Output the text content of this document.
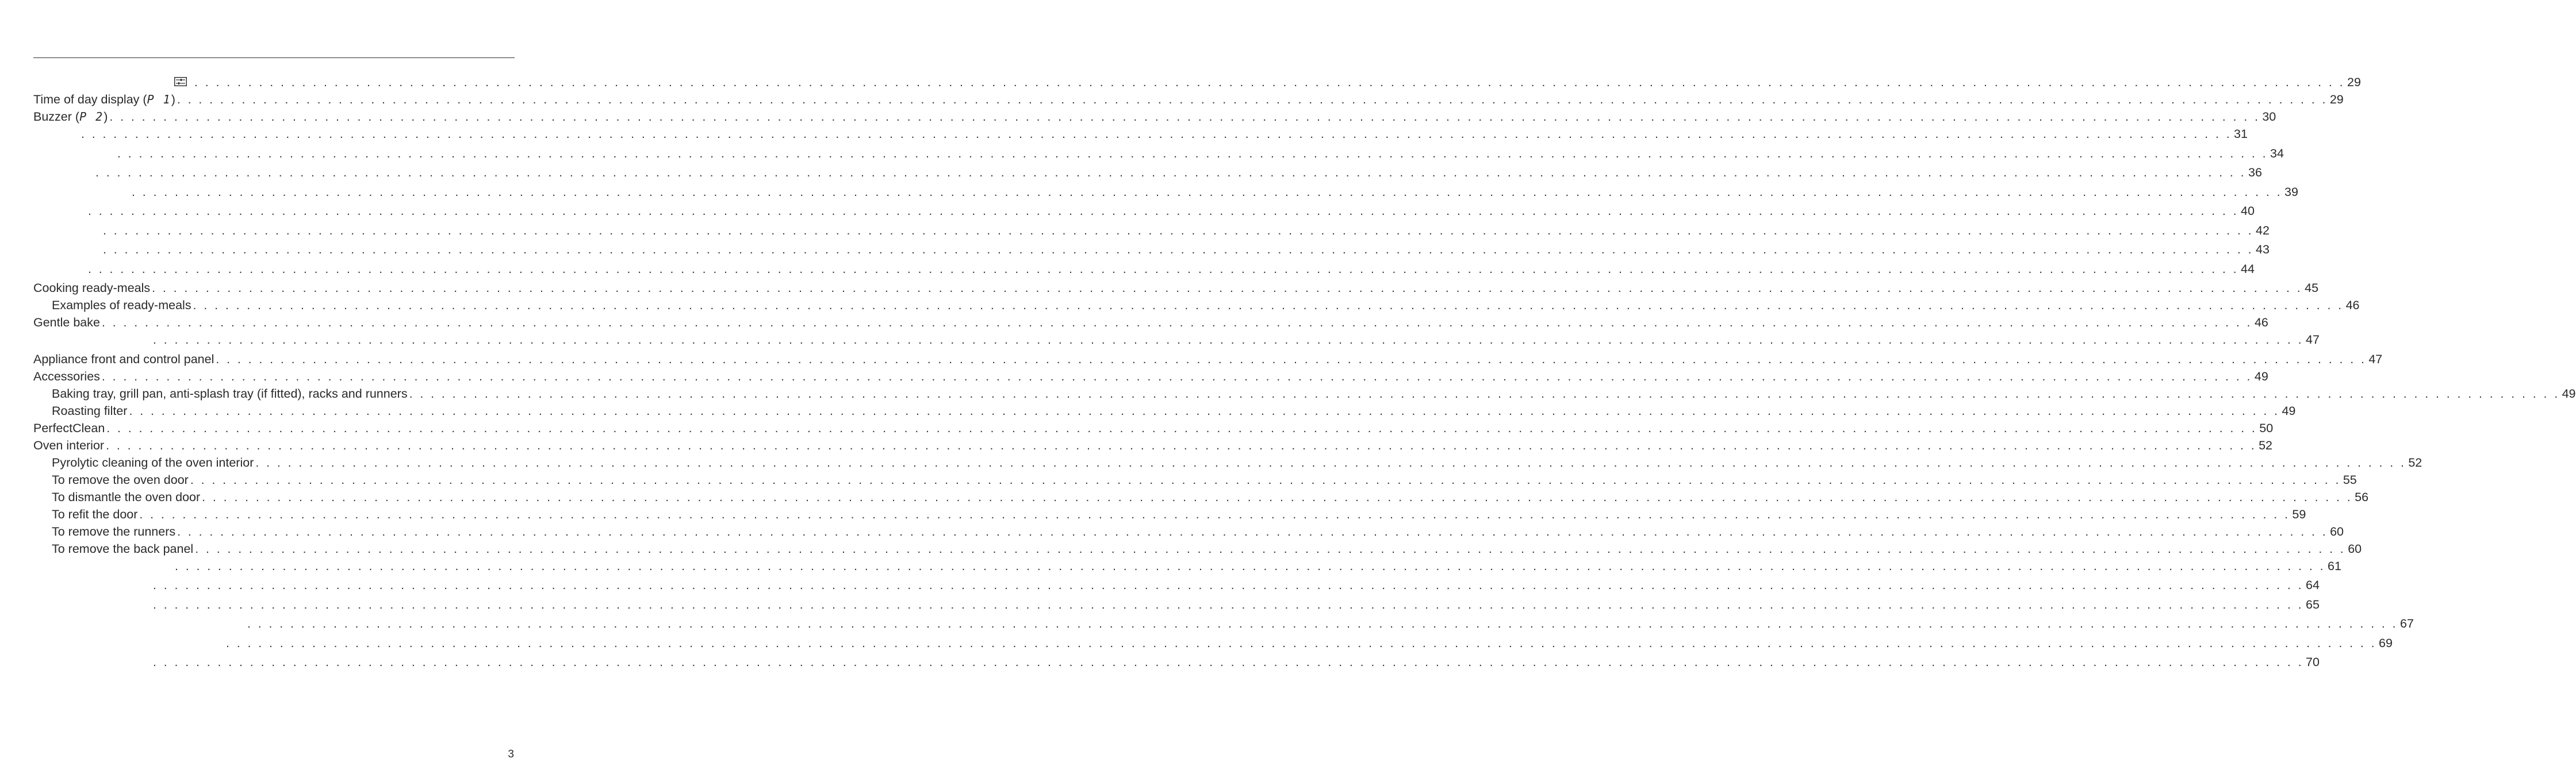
. . . . . . . . . . . . . . . . . . . . . . . . . . . . . . . . . . . . . . . . . . . . . . . . . . . . . . . . . . . . . . . . . . . . . . . . . . . . . . . . . . . . . . . . . . . . . . . . . . . . . . . . . . . . . . . . . . . . . . . . . . . . . . . . . . . . . . . . . . . . . . . . . . . . . . . . . . . . . . . . . . . . . . . . . . . . . . . . . . . . . . . . . . . . . . . . . . . . . . . . 29
Time of day display (P 1) . . . . . . . . . . . . . . . . . . . . . . . . . . . . . . . . . . . . . . . . . . . . . . . . . . . . . . . . . . . . . . . . . . . . . . . . . . . . . . . . . . . . . . . . . . . . . . . . . . . . . . . . . . . . . . . . . . . . . . . . . . . . . . . . . . . . . . . . . . . . . . . . . . . . . . . . . . . . . . . . . . . . . . . . . . . . . . . . . . . . . . . . . . . . . . . . . . . . . . . . 29
Buzzer (P 2) . . . . . . . . . . . . . . . . . . . . . . . . . . . . . . . . . . . . . . . . . . . . . . . . . . . . . . . . . . . . . . . . . . . . . . . . . . . . . . . . . . . . . . . . . . . . . . . . . . . . . . . . . . . . . . . . . . . . . . . . . . . . . . . . . . . . . . . . . . . . . . . . . . . . . . . . . . . . . . . . . . . . . . . . . . . . . . . . . . . . . . . . . . . . . . . . . . . . . . . . 30
. . . . . . . . . . . . . . . . . . . . . . . . . . . . . . . . . . . . . . . . . . . . . . . . . . . . . . . . . . . . . . . . . . . . . . . . . . . . . . . . . . . . . . . . . . . . . . . . . . . . . . . . . . . . . . . . . . . . . . . . . . . . . . . . . . . . . . . . . . . . . . . . . . . . . . . . . . . . . . . . . . . . . . . . . . . . . . . . . . . . . . . . . . . . . . . . . . . . . . . . 31
. . . . . . . . . . . . . . . . . . . . . . . . . . . . . . . . . . . . . . . . . . . . . . . . . . . . . . . . . . . . . . . . . . . . . . . . . . . . . . . . . . . . . . . . . . . . . . . . . . . . . . . . . . . . . . . . . . . . . . . . . . . . . . . . . . . . . . . . . . . . . . . . . . . . . . . . . . . . . . . . . . . . . . . . . . . . . . . . . . . . . . . . . . . . . . . . . . . . . . . . 34
. . . . . . . . . . . . . . . . . . . . . . . . . . . . . . . . . . . . . . . . . . . . . . . . . . . . . . . . . . . . . . . . . . . . . . . . . . . . . . . . . . . . . . . . . . . . . . . . . . . . . . . . . . . . . . . . . . . . . . . . . . . . . . . . . . . . . . . . . . . . . . . . . . . . . . . . . . . . . . . . . . . . . . . . . . . . . . . . . . . . . . . . . . . . . . . . . . . . . . . . 36
. . . . . . . . . . . . . . . . . . . . . . . . . . . . . . . . . . . . . . . . . . . . . . . . . . . . . . . . . . . . . . . . . . . . . . . . . . . . . . . . . . . . . . . . . . . . . . . . . . . . . . . . . . . . . . . . . . . . . . . . . . . . . . . . . . . . . . . . . . . . . . . . . . . . . . . . . . . . . . . . . . . . . . . . . . . . . . . . . . . . . . . . . . . . . . . . . . . . . . . . 39
. . . . . . . . . . . . . . . . . . . . . . . . . . . . . . . . . . . . . . . . . . . . . . . . . . . . . . . . . . . . . . . . . . . . . . . . . . . . . . . . . . . . . . . . . . . . . . . . . . . . . . . . . . . . . . . . . . . . . . . . . . . . . . . . . . . . . . . . . . . . . . . . . . . . . . . . . . . . . . . . . . . . . . . . . . . . . . . . . . . . . . . . . . . . . . . . . . . . . . . . 40
. . . . . . . . . . . . . . . . . . . . . . . . . . . . . . . . . . . . . . . . . . . . . . . . . . . . . . . . . . . . . . . . . . . . . . . . . . . . . . . . . . . . . . . . . . . . . . . . . . . . . . . . . . . . . . . . . . . . . . . . . . . . . . . . . . . . . . . . . . . . . . . . . . . . . . . . . . . . . . . . . . . . . . . . . . . . . . . . . . . . . . . . . . . . . . . . . . . . . . . . 42
. . . . . . . . . . . . . . . . . . . . . . . . . . . . . . . . . . . . . . . . . . . . . . . . . . . . . . . . . . . . . . . . . . . . . . . . . . . . . . . . . . . . . . . . . . . . . . . . . . . . . . . . . . . . . . . . . . . . . . . . . . . . . . . . . . . . . . . . . . . . . . . . . . . . . . . . . . . . . . . . . . . . . . . . . . . . . . . . . . . . . . . . . . . . . . . . . . . . . . . . 43
. . . . . . . . . . . . . . . . . . . . . . . . . . . . . . . . . . . . . . . . . . . . . . . . . . . . . . . . . . . . . . . . . . . . . . . . . . . . . . . . . . . . . . . . . . . . . . . . . . . . . . . . . . . . . . . . . . . . . . . . . . . . . . . . . . . . . . . . . . . . . . . . . . . . . . . . . . . . . . . . . . . . . . . . . . . . . . . . . . . . . . . . . . . . . . . . . . . . . . . . 44
Cooking ready-meals . . . . . . . . . . . . . . . . . . . . . . . . . . . . . . . . . . . . . . . . . . . . . . . . . . . . . . . . . . . . . . . . . . . . . . . . . . . . . . . . . . . . . . . . . . . . . . . . . . . . . . . . . . . . . . . . . . . . . . . . . . . . . . . . . . . . . . . . . . . . . . . . . . . . . . . . . . . . . . . . . . . . . . . . . . . . . . . . . . . . . . . . . . . . . . . . . . . . . . . . 45
Examples of ready-meals . . . . . . . . . . . . . . . . . . . . . . . . . . . . . . . . . . . . . . . . . . . . . . . . . . . . . . . . . . . . . . . . . . . . . . . . . . . . . . . . . . . . . . . . . . . . . . . . . . . . . . . . . . . . . . . . . . . . . . . . . . . . . . . . . . . . . . . . . . . . . . . . . . . . . . . . . . . . . . . . . . . . . . . . . . . . . . . . . . . . . . . . . . . . . . . . . . . . . . . . 46
Gentle bake . . . . . . . . . . . . . . . . . . . . . . . . . . . . . . . . . . . . . . . . . . . . . . . . . . . . . . . . . . . . . . . . . . . . . . . . . . . . . . . . . . . . . . . . . . . . . . . . . . . . . . . . . . . . . . . . . . . . . . . . . . . . . . . . . . . . . . . . . . . . . . . . . . . . . . . . . . . . . . . . . . . . . . . . . . . . . . . . . . . . . . . . . . . . . . . . . . . . . . . . 46
. . . . . . . . . . . . . . . . . . . . . . . . . . . . . . . . . . . . . . . . . . . . . . . . . . . . . . . . . . . . . . . . . . . . . . . . . . . . . . . . . . . . . . . . . . . . . . . . . . . . . . . . . . . . . . . . . . . . . . . . . . . . . . . . . . . . . . . . . . . . . . . . . . . . . . . . . . . . . . . . . . . . . . . . . . . . . . . . . . . . . . . . . . . . . . . . . . . . . . . . 47
Appliance front and control panel . . . . . . . . . . . . . . . . . . . . . . . . . . . . . . . . . . . . . . . . . . . . . . . . . . . . . . . . . . . . . . . . . . . . . . . . . . . . . . . . . . . . . . . . . . . . . . . . . . . . . . . . . . . . . . . . . . . . . . . . . . . . . . . . . . . . . . . . . . . . . . . . . . . . . . . . . . . . . . . . . . . . . . . . . . . . . . . . . . . . . . . . . . . . . . . . . . . . . . . . 47
Accessories . . . . . . . . . . . . . . . . . . . . . . . . . . . . . . . . . . . . . . . . . . . . . . . . . . . . . . . . . . . . . . . . . . . . . . . . . . . . . . . . . . . . . . . . . . . . . . . . . . . . . . . . . . . . . . . . . . . . . . . . . . . . . . . . . . . . . . . . . . . . . . . . . . . . . . . . . . . . . . . . . . . . . . . . . . . . . . . . . . . . . . . . . . . . . . . . . . . . . . . . 49
Baking tray, grill pan, anti-splash tray (if fitted), racks and runners . . . . . . . . . . . . . . . . . . . . . . . . . . . . . . . . . . . . . . . . . . . . . . . . . . . . . . . . . . . . . . . . . . . . . . . . . . . . . . . . . . . . . . . . . . . . . . . . . . . . . . . . . . . . . . . . . . . . . . . . . . . . . . . . . . . . . . . . . . . . . . . . . . . . . . . . . . . . . . . . . . . . . . . . . . . . . . . . . . . . . . . . . . . . . . . . . . . . . . . . 49
Roasting filter . . . . . . . . . . . . . . . . . . . . . . . . . . . . . . . . . . . . . . . . . . . . . . . . . . . . . . . . . . . . . . . . . . . . . . . . . . . . . . . . . . . . . . . . . . . . . . . . . . . . . . . . . . . . . . . . . . . . . . . . . . . . . . . . . . . . . . . . . . . . . . . . . . . . . . . . . . . . . . . . . . . . . . . . . . . . . . . . . . . . . . . . . . . . . . . . . . . . . . . . 49
PerfectClean . . . . . . . . . . . . . . . . . . . . . . . . . . . . . . . . . . . . . . . . . . . . . . . . . . . . . . . . . . . . . . . . . . . . . . . . . . . . . . . . . . . . . . . . . . . . . . . . . . . . . . . . . . . . . . . . . . . . . . . . . . . . . . . . . . . . . . . . . . . . . . . . . . . . . . . . . . . . . . . . . . . . . . . . . . . . . . . . . . . . . . . . . . . . . . . . . . . . . . . . 50
Oven interior . . . . . . . . . . . . . . . . . . . . . . . . . . . . . . . . . . . . . . . . . . . . . . . . . . . . . . . . . . . . . . . . . . . . . . . . . . . . . . . . . . . . . . . . . . . . . . . . . . . . . . . . . . . . . . . . . . . . . . . . . . . . . . . . . . . . . . . . . . . . . . . . . . . . . . . . . . . . . . . . . . . . . . . . . . . . . . . . . . . . . . . . . . . . . . . . . . . . . . . . 52
Pyrolytic cleaning of the oven interior . . . . . . . . . . . . . . . . . . . . . . . . . . . . . . . . . . . . . . . . . . . . . . . . . . . . . . . . . . . . . . . . . . . . . . . . . . . . . . . . . . . . . . . . . . . . . . . . . . . . . . . . . . . . . . . . . . . . . . . . . . . . . . . . . . . . . . . . . . . . . . . . . . . . . . . . . . . . . . . . . . . . . . . . . . . . . . . . . . . . . . . . . . . . . . . . . . . . . . . . 52
To remove the oven door . . . . . . . . . . . . . . . . . . . . . . . . . . . . . . . . . . . . . . . . . . . . . . . . . . . . . . . . . . . . . . . . . . . . . . . . . . . . . . . . . . . . . . . . . . . . . . . . . . . . . . . . . . . . . . . . . . . . . . . . . . . . . . . . . . . . . . . . . . . . . . . . . . . . . . . . . . . . . . . . . . . . . . . . . . . . . . . . . . . . . . . . . . . . . . . . . . . . . . . . 55
To dismantle the oven door . . . . . . . . . . . . . . . . . . . . . . . . . . . . . . . . . . . . . . . . . . . . . . . . . . . . . . . . . . . . . . . . . . . . . . . . . . . . . . . . . . . . . . . . . . . . . . . . . . . . . . . . . . . . . . . . . . . . . . . . . . . . . . . . . . . . . . . . . . . . . . . . . . . . . . . . . . . . . . . . . . . . . . . . . . . . . . . . . . . . . . . . . . . . . . . . . . . . . . . . 56
To refit the door . . . . . . . . . . . . . . . . . . . . . . . . . . . . . . . . . . . . . . . . . . . . . . . . . . . . . . . . . . . . . . . . . . . . . . . . . . . . . . . . . . . . . . . . . . . . . . . . . . . . . . . . . . . . . . . . . . . . . . . . . . . . . . . . . . . . . . . . . . . . . . . . . . . . . . . . . . . . . . . . . . . . . . . . . . . . . . . . . . . . . . . . . . . . . . . . . . . . . . . . 59
To remove the runners . . . . . . . . . . . . . . . . . . . . . . . . . . . . . . . . . . . . . . . . . . . . . . . . . . . . . . . . . . . . . . . . . . . . . . . . . . . . . . . . . . . . . . . . . . . . . . . . . . . . . . . . . . . . . . . . . . . . . . . . . . . . . . . . . . . . . . . . . . . . . . . . . . . . . . . . . . . . . . . . . . . . . . . . . . . . . . . . . . . . . . . . . . . . . . . . . . . . . . . . 60
To remove the back panel . . . . . . . . . . . . . . . . . . . . . . . . . . . . . . . . . . . . . . . . . . . . . . . . . . . . . . . . . . . . . . . . . . . . . . . . . . . . . . . . . . . . . . . . . . . . . . . . . . . . . . . . . . . . . . . . . . . . . . . . . . . . . . . . . . . . . . . . . . . . . . . . . . . . . . . . . . . . . . . . . . . . . . . . . . . . . . . . . . . . . . . . . . . . . . . . . . . . . . . . 60
. . . . . . . . . . . . . . . . . . . . . . . . . . . . . . . . . . . . . . . . . . . . . . . . . . . . . . . . . . . . . . . . . . . . . . . . . . . . . . . . . . . . . . . . . . . . . . . . . . . . . . . . . . . . . . . . . . . . . . . . . . . . . . . . . . . . . . . . . . . . . . . . . . . . . . . . . . . . . . . . . . . . . . . . . . . . . . . . . . . . . . . . . . . . . . . . . . . . . . . . 61
. . . . . . . . . . . . . . . . . . . . . . . . . . . . . . . . . . . . . . . . . . . . . . . . . . . . . . . . . . . . . . . . . . . . . . . . . . . . . . . . . . . . . . . . . . . . . . . . . . . . . . . . . . . . . . . . . . . . . . . . . . . . . . . . . . . . . . . . . . . . . . . . . . . . . . . . . . . . . . . . . . . . . . . . . . . . . . . . . . . . . . . . . . . . . . . . . . . . . . . . 64
. . . . . . . . . . . . . . . . . . . . . . . . . . . . . . . . . . . . . . . . . . . . . . . . . . . . . . . . . . . . . . . . . . . . . . . . . . . . . . . . . . . . . . . . . . . . . . . . . . . . . . . . . . . . . . . . . . . . . . . . . . . . . . . . . . . . . . . . . . . . . . . . . . . . . . . . . . . . . . . . . . . . . . . . . . . . . . . . . . . . . . . . . . . . . . . . . . . . . . . . 65
. . . . . . . . . . . . . . . . . . . . . . . . . . . . . . . . . . . . . . . . . . . . . . . . . . . . . . . . . . . . . . . . . . . . . . . . . . . . . . . . . . . . . . . . . . . . . . . . . . . . . . . . . . . . . . . . . . . . . . . . . . . . . . . . . . . . . . . . . . . . . . . . . . . . . . . . . . . . . . . . . . . . . . . . . . . . . . . . . . . . . . . . . . . . . . . . . . . . . . . . 67
. . . . . . . . . . . . . . . . . . . . . . . . . . . . . . . . . . . . . . . . . . . . . . . . . . . . . . . . . . . . . . . . . . . . . . . . . . . . . . . . . . . . . . . . . . . . . . . . . . . . . . . . . . . . . . . . . . . . . . . . . . . . . . . . . . . . . . . . . . . . . . . . . . . . . . . . . . . . . . . . . . . . . . . . . . . . . . . . . . . . . . . . . . . . . . . . . . . . . . . . 69
. . . . . . . . . . . . . . . . . . . . . . . . . . . . . . . . . . . . . . . . . . . . . . . . . . . . . . . . . . . . . . . . . . . . . . . . . . . . . . . . . . . . . . . . . . . . . . . . . . . . . . . . . . . . . . . . . . . . . . . . . . . . . . . . . . . . . . . . . . . . . . . . . . . . . . . . . . . . . . . . . . . . . . . . . . . . . . . . . . . . . . . . . . . . . . . . . . . . . . . . 70
3
